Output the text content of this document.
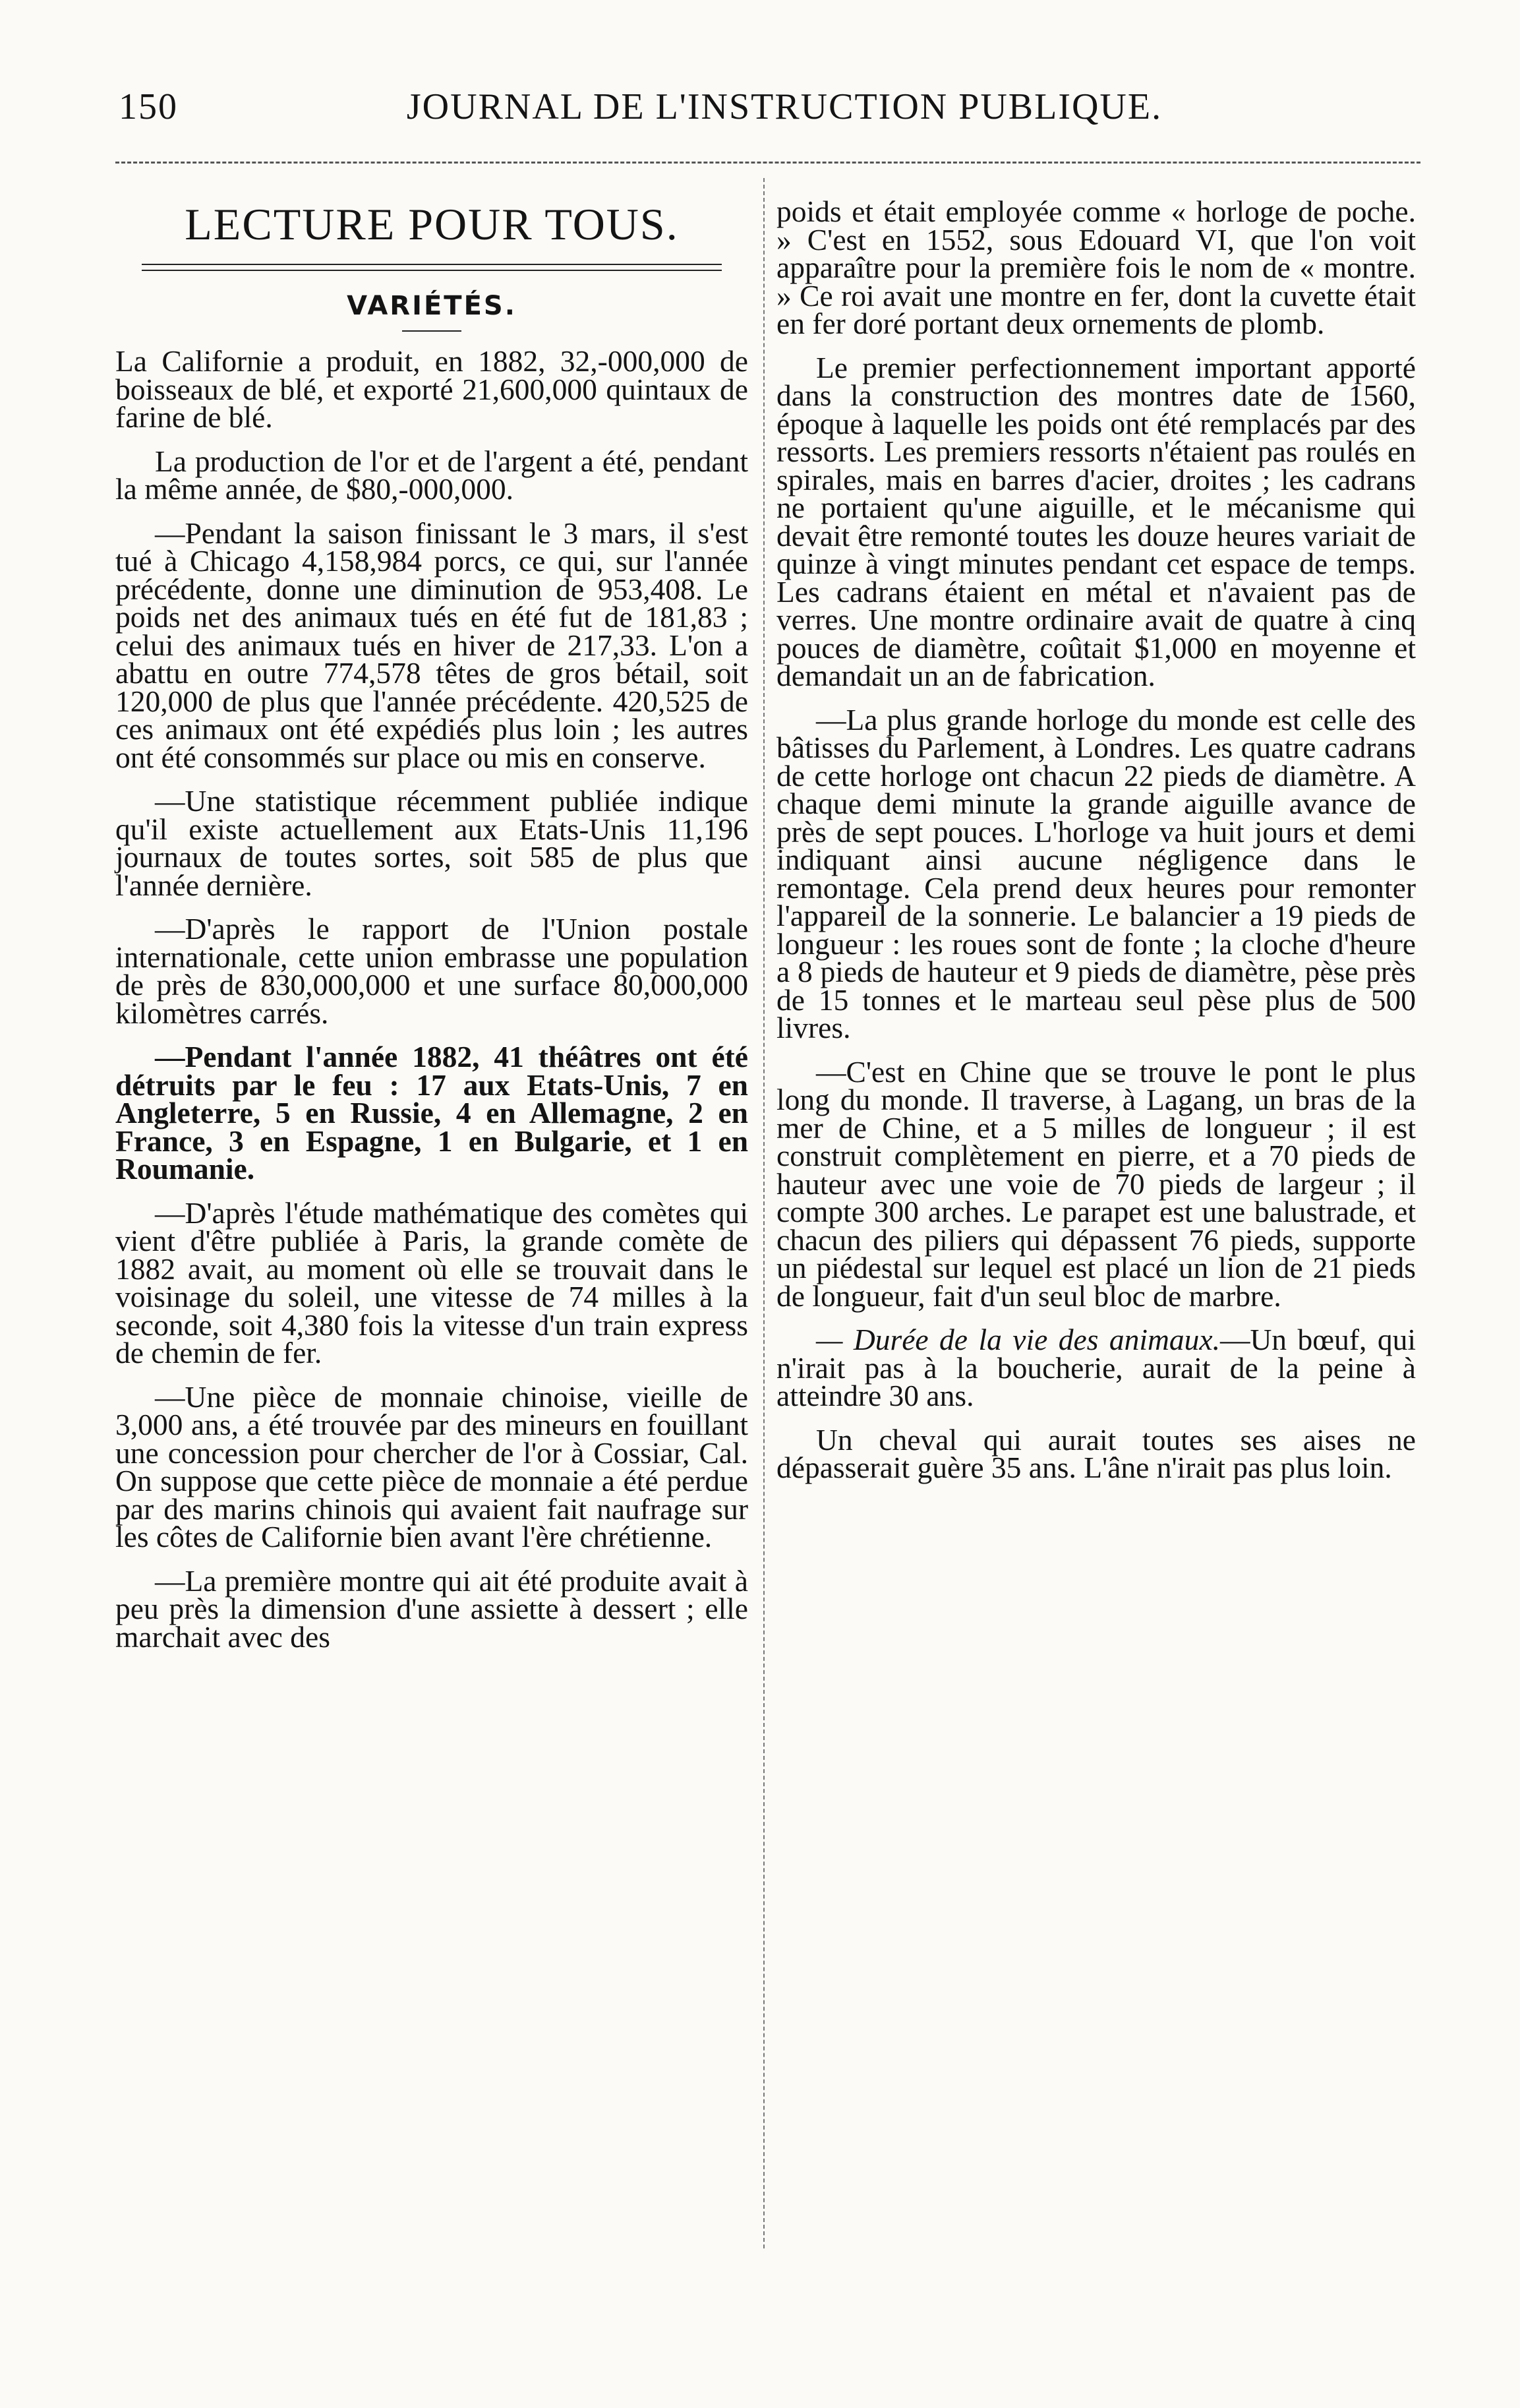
150	JOURNAL DE L'INSTRUCTION PUBLIQUE.
LECTURE POUR TOUS.
VARIÉTÉS.

La Californie a produit, en 1882, 32,-000,000 de boisseaux de blé, et exporté 21,600,000 quintaux de farine de blé.

La production de l'or et de l'argent a été, pendant la même année, de $80,-000,000.

—Pendant la saison finissant le 3 mars, il s'est tué à Chicago 4,158,984 porcs, ce qui, sur l'année précédente, donne une diminution de 953,408. Le poids net des animaux tués en été fut de 181,83 ; celui des animaux tués en hiver de 217,33. L'on a abattu en outre 774,578 têtes de gros bétail, soit 120,000 de plus que l'année précédente. 420,525 de ces animaux ont été expédiés plus loin ; les autres ont été consommés sur place ou mis en conserve.

—Une statistique récemment publiée indique qu'il existe actuellement aux Etats-Unis 11,196 journaux de toutes sortes, soit 585 de plus que l'année dernière.

—D'après le rapport de l'Union postale internationale, cette union embrasse une population de près de 830,000,000 et une surface 80,000,000 kilomètres carrés.

—Pendant l'année 1882, 41 théâtres ont été détruits par le feu : 17 aux Etats-Unis, 7 en Angleterre, 5 en Russie, 4 en Allemagne, 2 en France, 3 en Espagne, 1 en Bulgarie, et 1 en Roumanie.

—D'après l'étude mathématique des comètes qui vient d'être publiée à Paris, la grande comète de 1882 avait, au moment où elle se trouvait dans le voisinage du soleil, une vitesse de 74 milles à la seconde, soit 4,380 fois la vitesse d'un train express de chemin de fer.

—Une pièce de monnaie chinoise, vieille de 3,000 ans, a été trouvée par des mineurs en fouillant une concession pour chercher de l'or à Cossiar, Cal. On suppose que cette pièce de monnaie a été perdue par des marins chinois qui avaient fait naufrage sur les côtes de Californie bien avant l'ère chrétienne.

—La première montre qui ait été produite avait à peu près la dimension d'une assiette à dessert ; elle marchait avec des

poids et était employée comme « horloge de poche. » C'est en 1552, sous Edouard VI, que l'on voit apparaître pour la première fois le nom de « montre. » Ce roi avait une montre en fer, dont la cuvette était en fer doré portant deux ornements de plomb.

Le premier perfectionnement important apporté dans la construction des montres date de 1560, époque à laquelle les poids ont été remplacés par des ressorts. Les premiers ressorts n'étaient pas roulés en spirales, mais en barres d'acier, droites ; les cadrans ne portaient qu'une aiguille, et le mécanisme qui devait être remonté toutes les douze heures variait de quinze à vingt minutes pendant cet espace de temps. Les cadrans étaient en métal et n'avaient pas de verres. Une montre ordinaire avait de quatre à cinq pouces de diamètre, coûtait $1,000 en moyenne et demandait un an de fabrication.

—La plus grande horloge du monde est celle des bâtisses du Parlement, à Londres. Les quatre cadrans de cette horloge ont chacun 22 pieds de diamètre. A chaque demi minute la grande aiguille avance de près de sept pouces. L'horloge va huit jours et demi indiquant ainsi aucune négligence dans le remontage. Cela prend deux heures pour remonter l'appareil de la sonnerie. Le balancier a 19 pieds de longueur : les roues sont de fonte ; la cloche d'heure a 8 pieds de hauteur et 9 pieds de diamètre, pèse près de 15 tonnes et le marteau seul pèse plus de 500 livres.

—C'est en Chine que se trouve le pont le plus long du monde. Il traverse, à Lagang, un bras de la mer de Chine, et a 5 milles de longueur ; il est construit complètement en pierre, et a 70 pieds de hauteur avec une voie de 70 pieds de largeur ; il compte 300 arches. Le parapet est une balustrade, et chacun des piliers qui dépassent 76 pieds, supporte un piédestal sur lequel est placé un lion de 21 pieds de longueur, fait d'un seul bloc de marbre.

— Durée de la vie des animaux.—Un bœuf, qui n'irait pas à la boucherie, aurait de la peine à atteindre 30 ans.

Un cheval qui aurait toutes ses aises ne dépasserait guère 35 ans. L'âne n'irait pas plus loin.
